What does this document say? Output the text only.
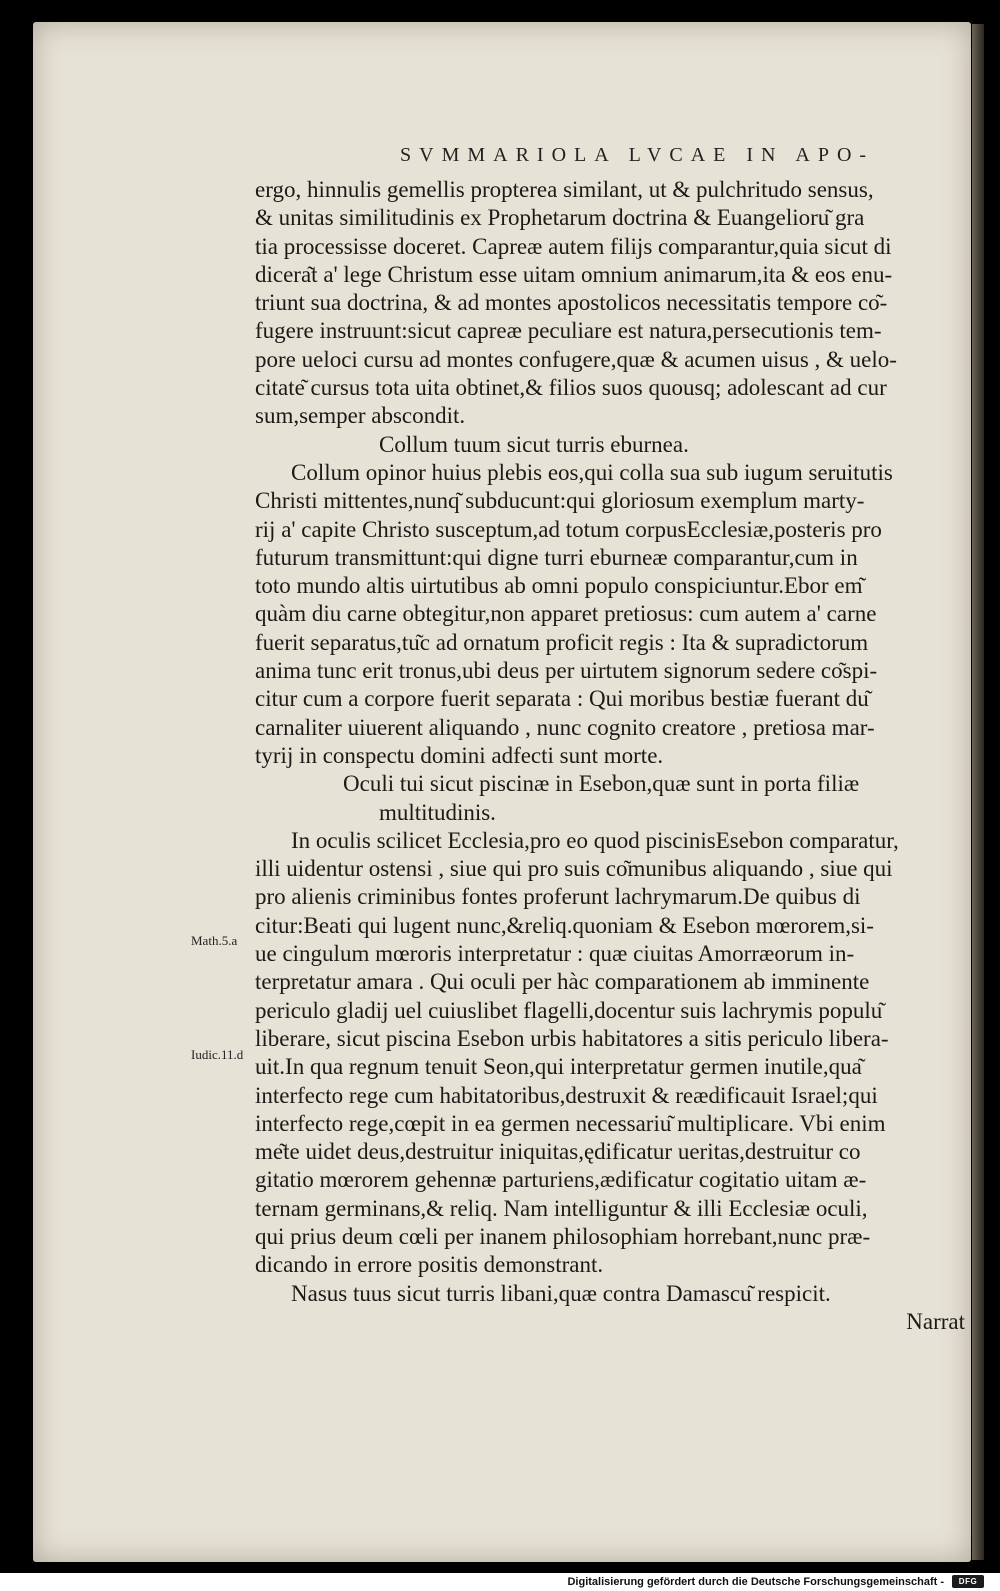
SVMMARIOLA LVCAE IN APO-
ergo, hinnulis gemellis propterea similant, ut & pulchritudo sensus,
& unitas similitudinis ex Prophetarum doctrina & Euangelioru͂ gra
tia processisse doceret. Capreæ autem filijs comparantur,quia sicut di
dicera͂t a' lege Christum esse uitam omnium animarum,ita & eos enu-
triunt sua doctrina, & ad montes apostolicos necessitatis tempore co͂-
fugere instruunt:sicut capreæ peculiare est natura,persecutionis tem-
pore ueloci cursu ad montes confugere,quæ & acumen uisus , & uelo-
citate͂ cursus tota uita obtinet,& filios suos quousq; adolescant ad cur
sum,semper abscondit.
Collum tuum sicut turris eburnea.
Collum opinor huius plebis eos,qui colla sua sub iugum seruitutis
Christi mittentes,nunq͂ subducunt:qui gloriosum exemplum marty-
rij a' capite Christo susceptum,ad totum corpusEcclesiæ,posteris pro
futurum transmittunt:qui digne turri eburneæ comparantur,cum in
toto mundo altis uirtutibus ab omni populo conspiciuntur.Ebor em͂
quàm diu carne obtegitur,non apparet pretiosus: cum autem a' carne
fuerit separatus,tu͂c ad ornatum proficit regis : Ita & supradictorum
anima tunc erit tronus,ubi deus per uirtutem signorum sedere co͂spi-
citur cum a corpore fuerit separata : Qui moribus bestiæ fuerant du͂
carnaliter uiuerent aliquando , nunc cognito creatore , pretiosa mar-
tyrij in conspectu domini adfecti sunt morte.
Oculi tui sicut piscinæ in Esebon,quæ sunt in porta filiæ
multitudinis.
In oculis scilicet Ecclesia,pro eo quod piscinisEsebon comparatur,
illi uidentur ostensi , siue qui pro suis co͂munibus aliquando , siue qui
pro alienis criminibus fontes proferunt lachrymarum.De quibus di
citur:Beati qui lugent nunc,&reliq.quoniam & Esebon mœrorem,si-
ue cingulum mœroris interpretatur : quæ ciuitas Amorræorum in-
terpretatur amara . Qui oculi per hàc comparationem ab imminente
periculo gladij uel cuiuslibet flagelli,docentur suis lachrymis populu͂
liberare, sicut piscina Esebon urbis habitatores a sitis periculo libera-
uit.In qua regnum tenuit Seon,qui interpretatur germen inutile,qua͂
interfecto rege cum habitatoribus,destruxit & reædificauit Israel;qui
interfecto rege,cœpit in ea germen necessariu͂ multiplicare. Vbi enim
me͂te uidet deus,destruitur iniquitas,ędificatur ueritas,destruitur co
gitatio mœrorem gehennæ parturiens,ædificatur cogitatio uitam æ-
ternam germinans,& reliq. Nam intelliguntur & illi Ecclesiæ oculi,
qui prius deum cœli per inanem philosophiam horrebant,nunc præ-
dicando in errore positis demonstrant.
Nasus tuus sicut turris libani,quæ contra Damascu͂ respicit.
Narrat
Math.5.a
Iudic.11.d
Digitalisierung gefördert durch die Deutsche Forschungsgemeinschaft - DFG
